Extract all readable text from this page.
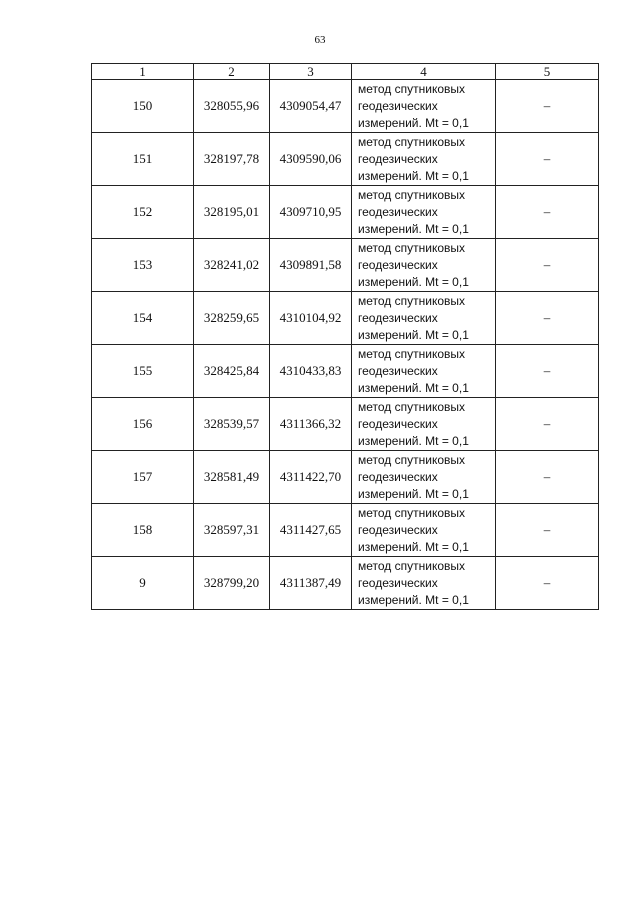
63
1	2	3	4	5
150	328055,96	4309054,47	метод спутниковых
геодезических
измерений. Mt = 0,1	–
151	328197,78	4309590,06	метод спутниковых
геодезических
измерений. Mt = 0,1	–
152	328195,01	4309710,95	метод спутниковых
геодезических
измерений. Mt = 0,1	–
153	328241,02	4309891,58	метод спутниковых
геодезических
измерений. Mt = 0,1	–
154	328259,65	4310104,92	метод спутниковых
геодезических
измерений. Mt = 0,1	–
155	328425,84	4310433,83	метод спутниковых
геодезических
измерений. Mt = 0,1	–
156	328539,57	4311366,32	метод спутниковых
геодезических
измерений. Mt = 0,1	–
157	328581,49	4311422,70	метод спутниковых
геодезических
измерений. Mt = 0,1	–
158	328597,31	4311427,65	метод спутниковых
геодезических
измерений. Mt = 0,1	–
9	328799,20	4311387,49	метод спутниковых
геодезических
измерений. Mt = 0,1	–
